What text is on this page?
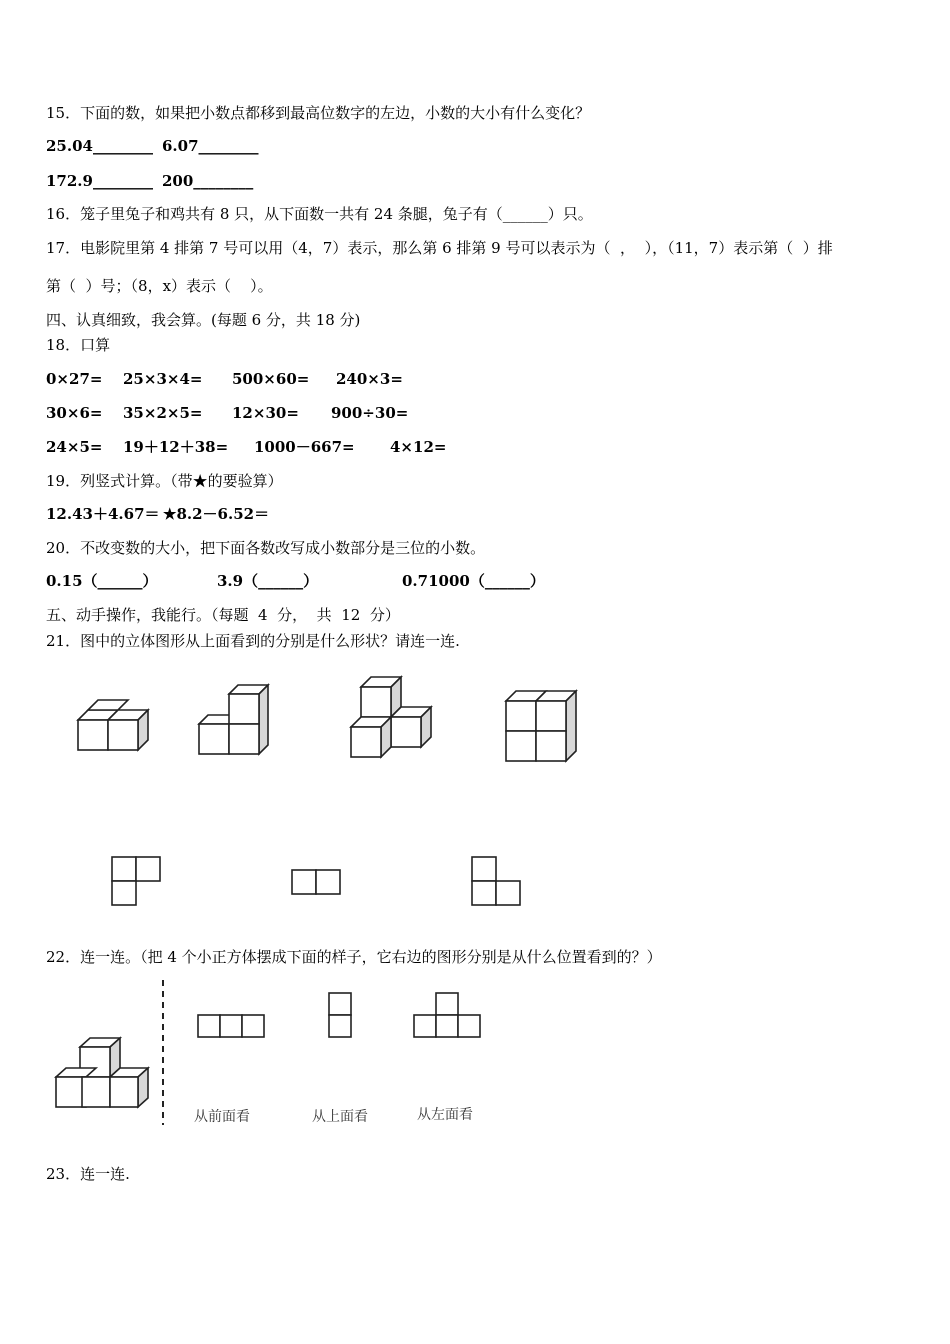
15．下面的数，如果把小数点都移到最高位数字的左边，小数的大小有什么变化？
25.04________ 6.07________
172.9________ 200________
16．笼子里兔子和鸡共有 8 只，从下面数一共有 24 条腿，兔子有（______）只。
17．电影院里第 4 排第 7 号可以用（4，7）表示，那么第 6 排第 9 号可以表示为（  ，  ），（11，7）表示第（  ）排
第（  ）号；（8，x）表示（    ）。
四、认真细致，我会算。(每题 6 分，共 18 分)
18．口算
0×27= 25×3×4= 500×60= 240×3=
30×6= 35×2×5= 12×30= 900÷30=
24×5= 19＋12＋38= 1000－667= 4×12=
19．列竖式计算。（带★的要验算）
12.43＋4.67＝ ★8.2－6.52＝
20．不改变数的大小，把下面各数改写成小数部分是三位的小数。
0.15（______）	3.9（______）	0.71000（______）
五、动手操作，我能行。（每题  4  分，  共  12  分）
21．图中的立体图形从上面看到的分别是什么形状？请连一连.
22．连一连。（把 4 个小正方体摆成下面的样子，它右边的图形分别是从什么位置看到的？）
从前面看	从上面看	从左面看
23．连一连.
